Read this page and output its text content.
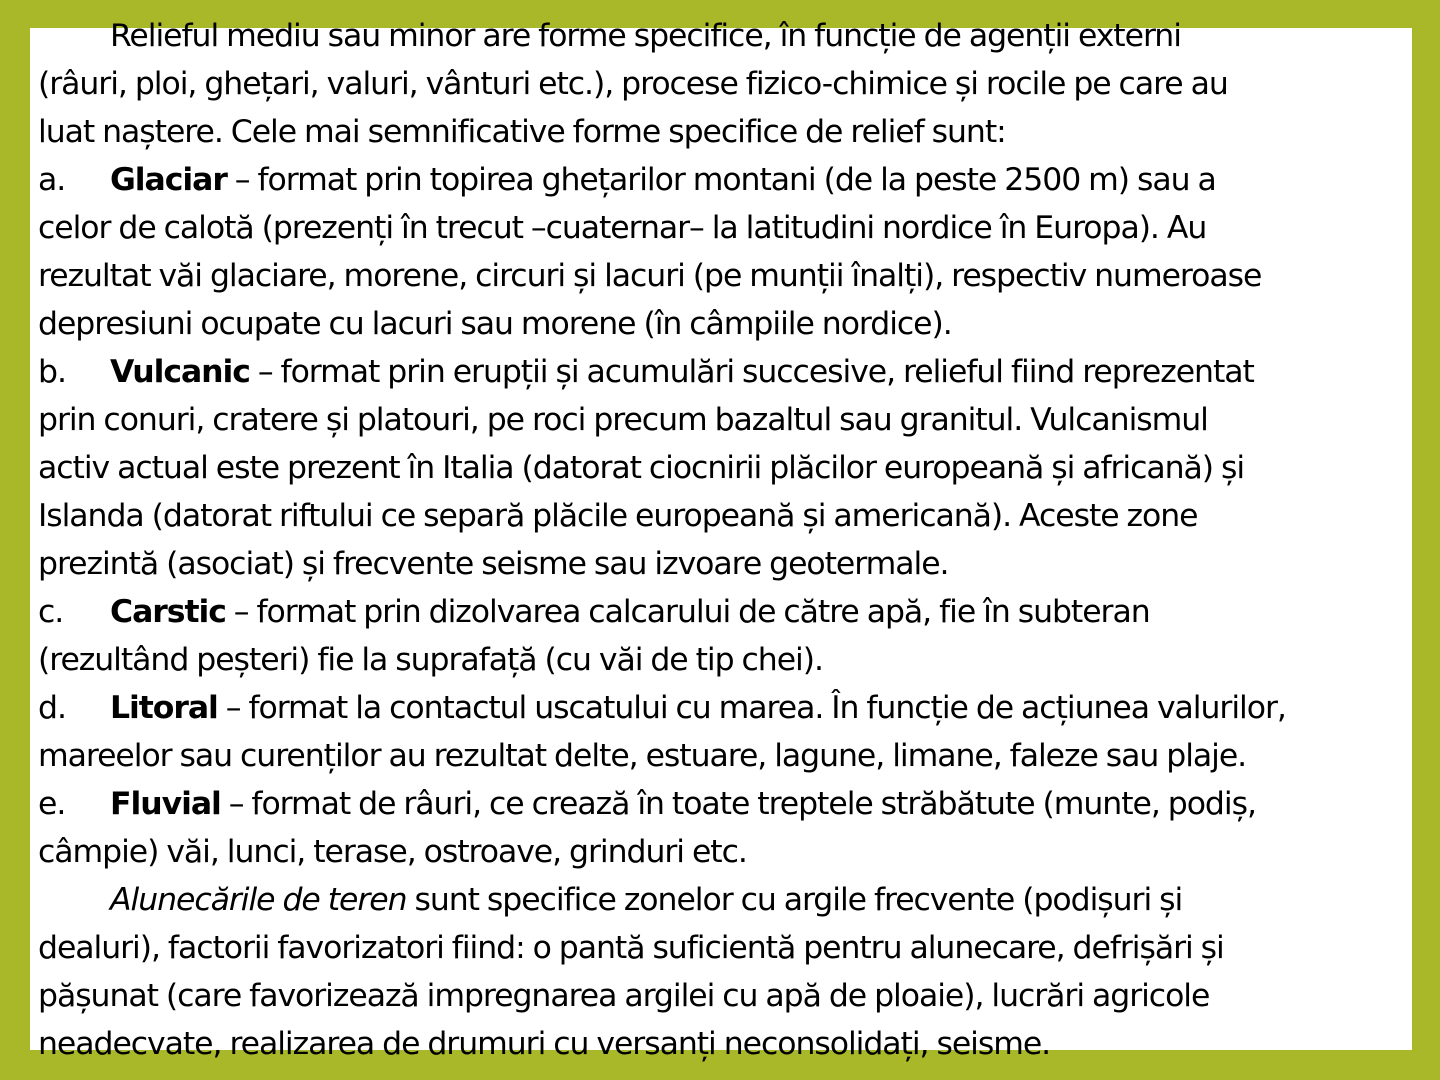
Relieful mediu sau minor are forme specifice, în funcție de agenții externi
(râuri, ploi, ghețari, valuri, vânturi etc.), procese fizico-chimice și rocile pe care au
luat naștere. Cele mai semnificative forme specifice de relief sunt:
a. Glaciar – format prin topirea ghețarilor montani (de la peste 2500 m) sau a
celor de calotă (prezenți în trecut –cuaternar– la latitudini nordice în Europa). Au
rezultat văi glaciare, morene, circuri și lacuri (pe munții înalți), respectiv numeroase
depresiuni ocupate cu lacuri sau morene (în câmpiile nordice).
b. Vulcanic – format prin erupții și acumulări succesive, relieful fiind reprezentat
prin conuri, cratere și platouri, pe roci precum bazaltul sau granitul. Vulcanismul
activ actual este prezent în Italia (datorat ciocnirii plăcilor europeană și africană) și
Islanda (datorat riftului ce separă plăcile europeană și americană). Aceste zone
prezintă (asociat) și frecvente seisme sau izvoare geotermale.
c. Carstic – format prin dizolvarea calcarului de către apă, fie în subteran
(rezultând peșteri) fie la suprafață (cu văi de tip chei).
d. Litoral – format la contactul uscatului cu marea. În funcție de acțiunea valurilor,
mareelor sau curenților au rezultat delte, estuare, lagune, limane, faleze sau plaje.
e. Fluvial – format de râuri, ce crează în toate treptele străbătute (munte, podiș,
câmpie) văi, lunci, terase, ostroave, grinduri etc.
Alunecările de teren sunt specifice zonelor cu argile frecvente (podișuri și
dealuri), factorii favorizatori fiind: o pantă suficientă pentru alunecare, defrișări și
pășunat (care favorizează impregnarea argilei cu apă de ploaie), lucrări agricole
neadecvate, realizarea de drumuri cu versanți neconsolidați, seisme.
